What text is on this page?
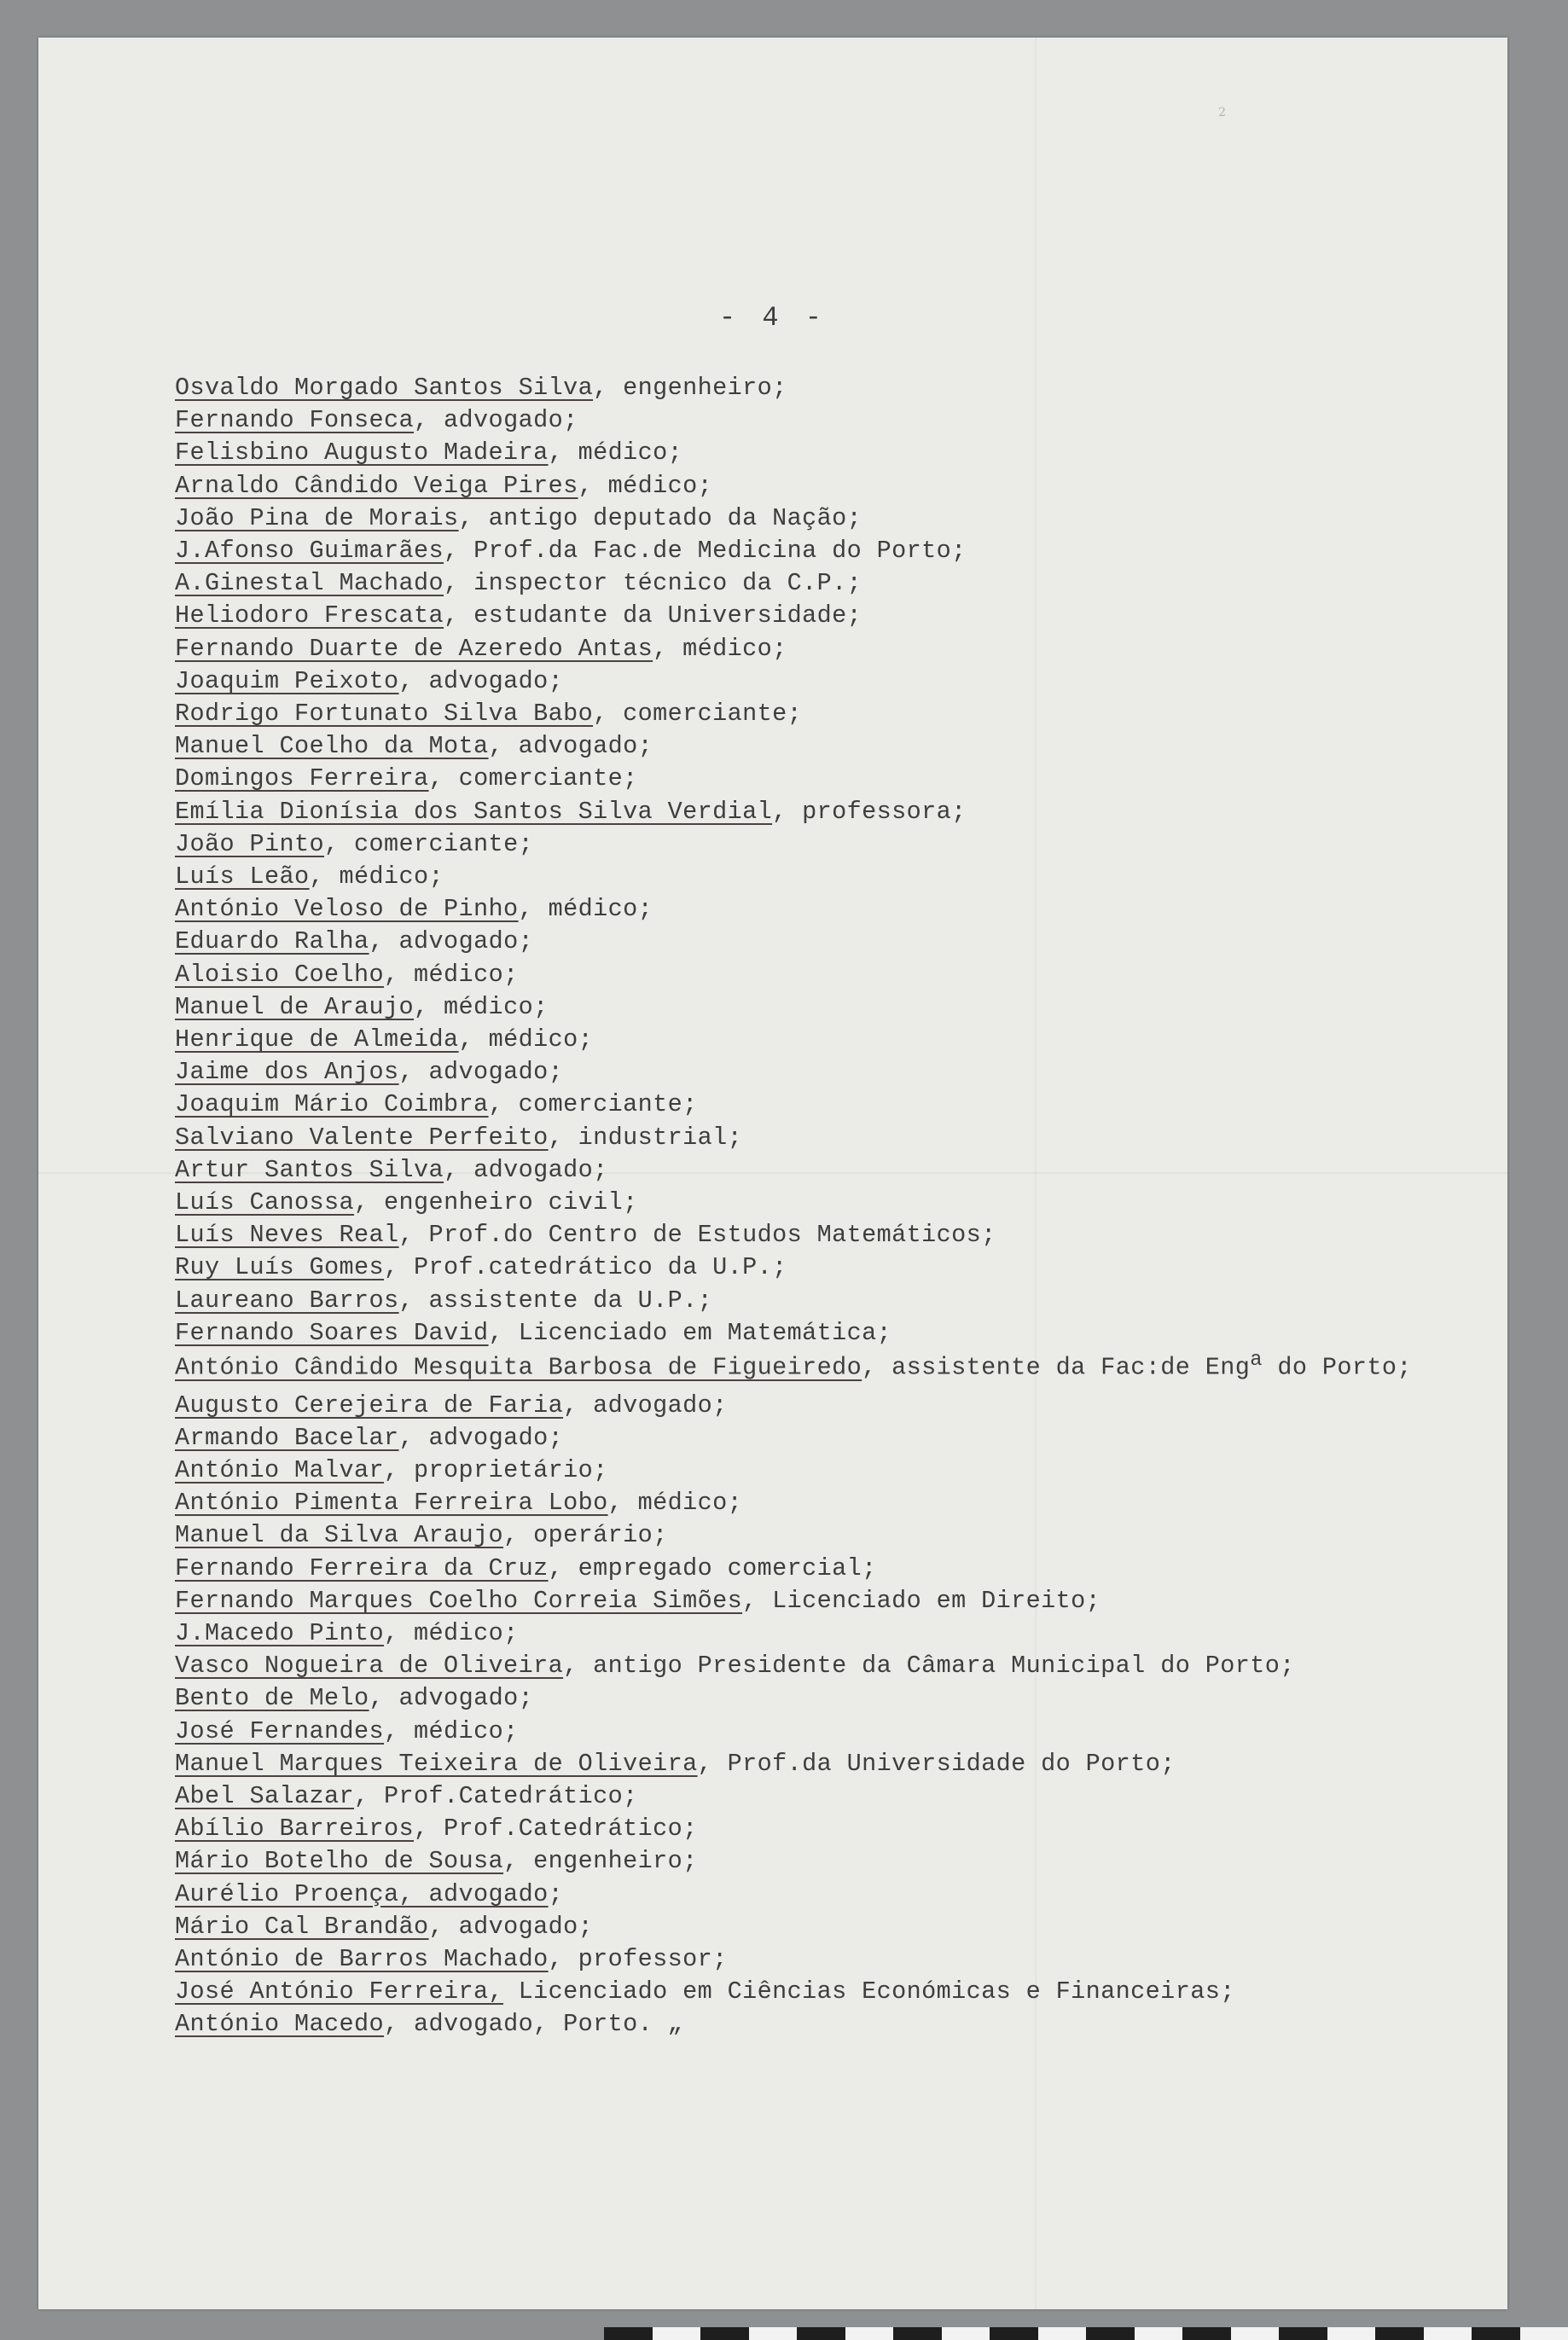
2
- 4 -
Osvaldo Morgado Santos Silva, engenheiro;
Fernando Fonseca, advogado;
Felisbino Augusto Madeira, médico;
Arnaldo Cândido Veiga Pires, médico;
João Pina de Morais, antigo deputado da Nação;
J.Afonso Guimarães, Prof.da Fac.de Medicina do Porto;
A.Ginestal Machado, inspector técnico da C.P.;
Heliodoro Frescata, estudante da Universidade;
Fernando Duarte de Azeredo Antas, médico;
Joaquim Peixoto, advogado;
Rodrigo Fortunato Silva Babo, comerciante;
Manuel Coelho da Mota, advogado;
Domingos Ferreira, comerciante;
Emília Dionísia dos Santos Silva Verdial, professora;
João Pinto, comerciante;
Luís Leão, médico;
António Veloso de Pinho, médico;
Eduardo Ralha, advogado;
Aloisio Coelho, médico;
Manuel de Araujo, médico;
Henrique de Almeida, médico;
Jaime dos Anjos, advogado;
Joaquim Mário Coimbra, comerciante;
Salviano Valente Perfeito, industrial;
Artur Santos Silva, advogado;
Luís Canossa, engenheiro civil;
Luís Neves Real, Prof.do Centro de Estudos Matemáticos;
Ruy Luís Gomes, Prof.catedrático da U.P.;
Laureano Barros, assistente da U.P.;
Fernando Soares David, Licenciado em Matemática;
António Cândido Mesquita Barbosa de Figueiredo, assistente da Fac:de Eng$^a$ do Porto;
Augusto Cerejeira de Faria, advogado;
Armando Bacelar, advogado;
António Malvar, proprietário;
António Pimenta Ferreira Lobo, médico;
Manuel da Silva Araujo, operário;
Fernando Ferreira da Cruz, empregado comercial;
Fernando Marques Coelho Correia Simões, Licenciado em Direito;
J.Macedo Pinto, médico;
Vasco Nogueira de Oliveira, antigo Presidente da Câmara Municipal do Porto;
Bento de Melo, advogado;
José Fernandes, médico;
Manuel Marques Teixeira de Oliveira, Prof.da Universidade do Porto;
Abel Salazar, Prof.Catedrático;
Abílio Barreiros, Prof.Catedrático;
Mário Botelho de Sousa, engenheiro;
Aurélio Proença, advogado;
Mário Cal Brandão, advogado;
António de Barros Machado, professor;
José António Ferreira, Licenciado em Ciências Económicas e Financeiras;
António Macedo, advogado, Porto. „
